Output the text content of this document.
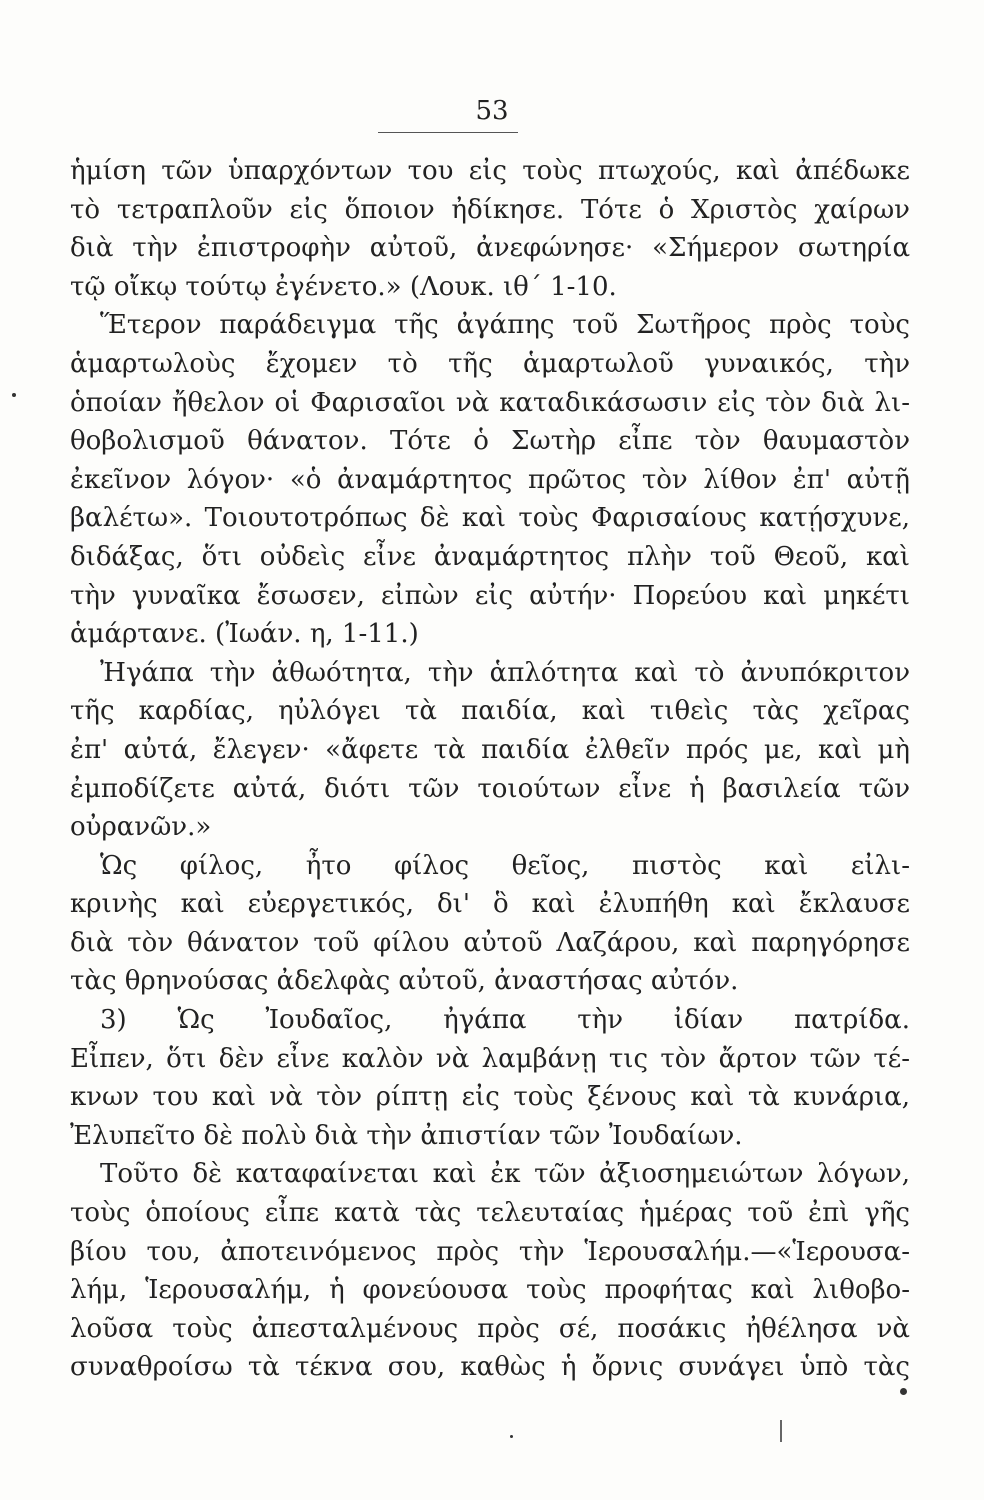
53
ἡμίση τῶν ὑπαρχόντων του εἰς τοὺς πτωχούς, καὶ ἀπέδωκε
τὸ τετραπλοῦν εἰς ὅποιον ἠδίκησε. Τότε ὁ Χριστὸς χαίρων
διὰ τὴν ἐπιστροφὴν αὐτοῦ, ἀνεφώνησε· «Σήμερον σωτηρία
τῷ οἴκῳ τούτῳ ἐγένετο.» (Λουκ. ιθ΄ 1-10.
Ἕτερον παράδειγμα τῆς ἀγάπης τοῦ Σωτῆρος πρὸς τοὺς
ἁμαρτωλοὺς ἔχομεν τὸ τῆς ἁμαρτωλοῦ γυναικός, τὴν
ὁποίαν ἤθελον οἱ Φαρισαῖοι νὰ καταδικάσωσιν εἰς τὸν διὰ λι-
θοβολισμοῦ θάνατον. Τότε ὁ Σωτὴρ εἶπε τὸν θαυμαστὸν
ἐκεῖνον λόγον· «ὁ ἀναμάρτητος πρῶτος τὸν λίθον ἐπ' αὐτῇ
βαλέτω». Τοιουτοτρόπως δὲ καὶ τοὺς Φαρισαίους κατῄσχυνε,
διδάξας, ὅτι οὐδεὶς εἶνε ἀναμάρτητος πλὴν τοῦ Θεοῦ, καὶ
τὴν γυναῖκα ἔσωσεν, εἰπὼν εἰς αὐτήν· Πορεύου καὶ μηκέτι
ἁμάρτανε. (Ἰωάν. η, 1-11.)
Ἠγάπα τὴν ἀθωότητα, τὴν ἁπλότητα καὶ τὸ ἀνυπόκριτον
τῆς καρδίας, ηὐλόγει τὰ παιδία, καὶ τιθεὶς τὰς χεῖρας
ἐπ' αὐτά, ἔλεγεν· «ἄφετε τὰ παιδία ἐλθεῖν πρός με, καὶ μὴ
ἐμποδίζετε αὐτά, διότι τῶν τοιούτων εἶνε ἡ βασιλεία τῶν
οὐρανῶν.»
Ὡς φίλος, ἦτο φίλος θεῖος, πιστὸς καὶ εἰλι-
κρινὴς καὶ εὐεργετικός, δι' ὃ καὶ ἐλυπήθη καὶ ἔκλαυσε
διὰ τὸν θάνατον τοῦ φίλου αὐτοῦ Λαζάρου, καὶ παρηγόρησε
τὰς θρηνούσας ἀδελφὰς αὐτοῦ, ἀναστήσας αὐτόν.
3) Ὡς Ἰουδαῖος, ἠγάπα τὴν ἰδίαν πατρίδα.
Εἶπεν, ὅτι δὲν εἶνε καλὸν νὰ λαμβάνῃ τις τὸν ἄρτον τῶν τέ-
κνων του καὶ νὰ τὸν ρίπτῃ εἰς τοὺς ξένους καὶ τὰ κυνάρια,
Ἐλυπεῖτο δὲ πολὺ διὰ τὴν ἀπιστίαν τῶν Ἰουδαίων.
Τοῦτο δὲ καταφαίνεται καὶ ἐκ τῶν ἀξιοσημειώτων λόγων,
τοὺς ὁποίους εἶπε κατὰ τὰς τελευταίας ἡμέρας τοῦ ἐπὶ γῆς
βίου του, ἀποτεινόμενος πρὸς τὴν Ἱερουσαλήμ.—«Ἱερουσα-
λήμ, Ἱερουσαλήμ, ἡ φονεύουσα τοὺς προφήτας καὶ λιθοβο-
λοῦσα τοὺς ἀπεσταλμένους πρὸς σέ, ποσάκις ἠθέλησα νὰ
συναθροίσω τὰ τέκνα σου, καθὼς ἡ ὄρνις συνάγει ὑπὸ τὰς
